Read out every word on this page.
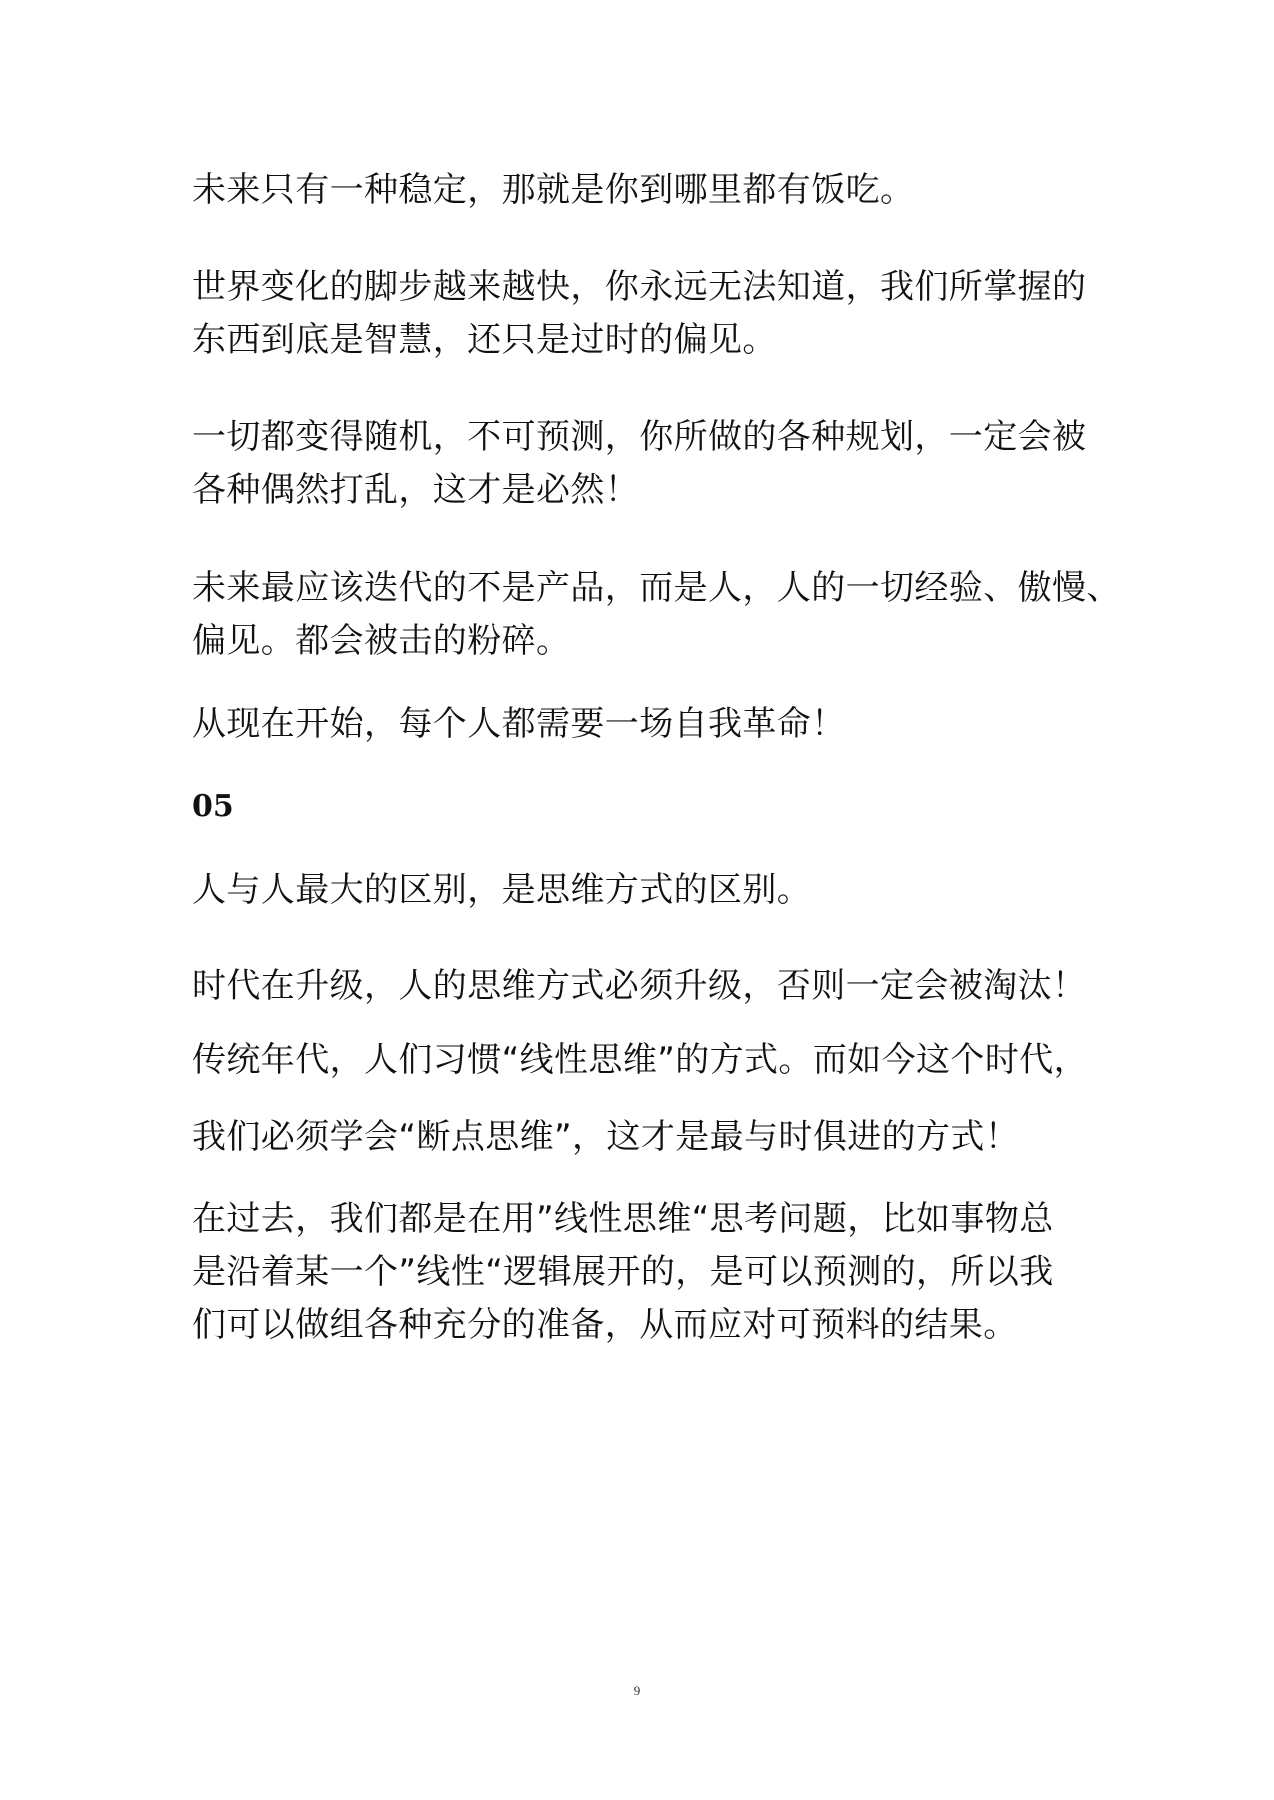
未来只有一种稳定，那就是你到哪里都有饭吃。
世界变化的脚步越来越快，你永远无法知道，我们所掌握的
东西到底是智慧，还只是过时的偏见。
一切都变得随机，不可预测，你所做的各种规划，一定会被
各种偶然打乱，这才是必然！
未来最应该迭代的不是产品，而是人，人的一切经验、傲慢、
偏见。都会被击的粉碎。
从现在开始，每个人都需要一场自我革命！
05
人与人最大的区别，是思维方式的区别。
时代在升级，人的思维方式必须升级，否则一定会被淘汰！
传统年代，人们习惯“线性思维”的方式。而如今这个时代，
我们必须学会“断点思维”，这才是最与时俱进的方式！
在过去，我们都是在用”线性思维“思考问题，比如事物总
是沿着某一个”线性“逻辑展开的，是可以预测的，所以我
们可以做组各种充分的准备，从而应对可预料的结果。
9
